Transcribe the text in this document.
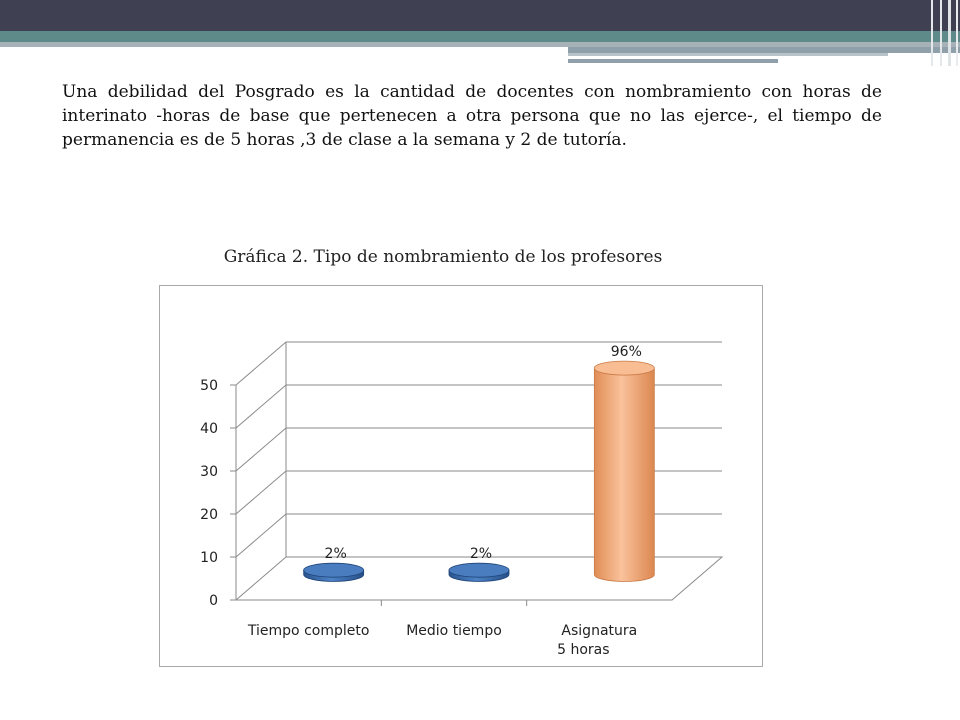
Una debilidad del Posgrado es la cantidad de docentes con nombramiento con horas de interinato -horas de base que pertenecen a otra persona que no las ejerce-, el tiempo de permanencia es de 5 horas ,3 de clase a la semana y 2 de tutoría.

Gráfica 2. Tipo de nombramiento de los profesores

0
10
20
30
40
50
2%	2%
96%
Tiempo completo	Medio tiempo	Asignatura 5 horas
